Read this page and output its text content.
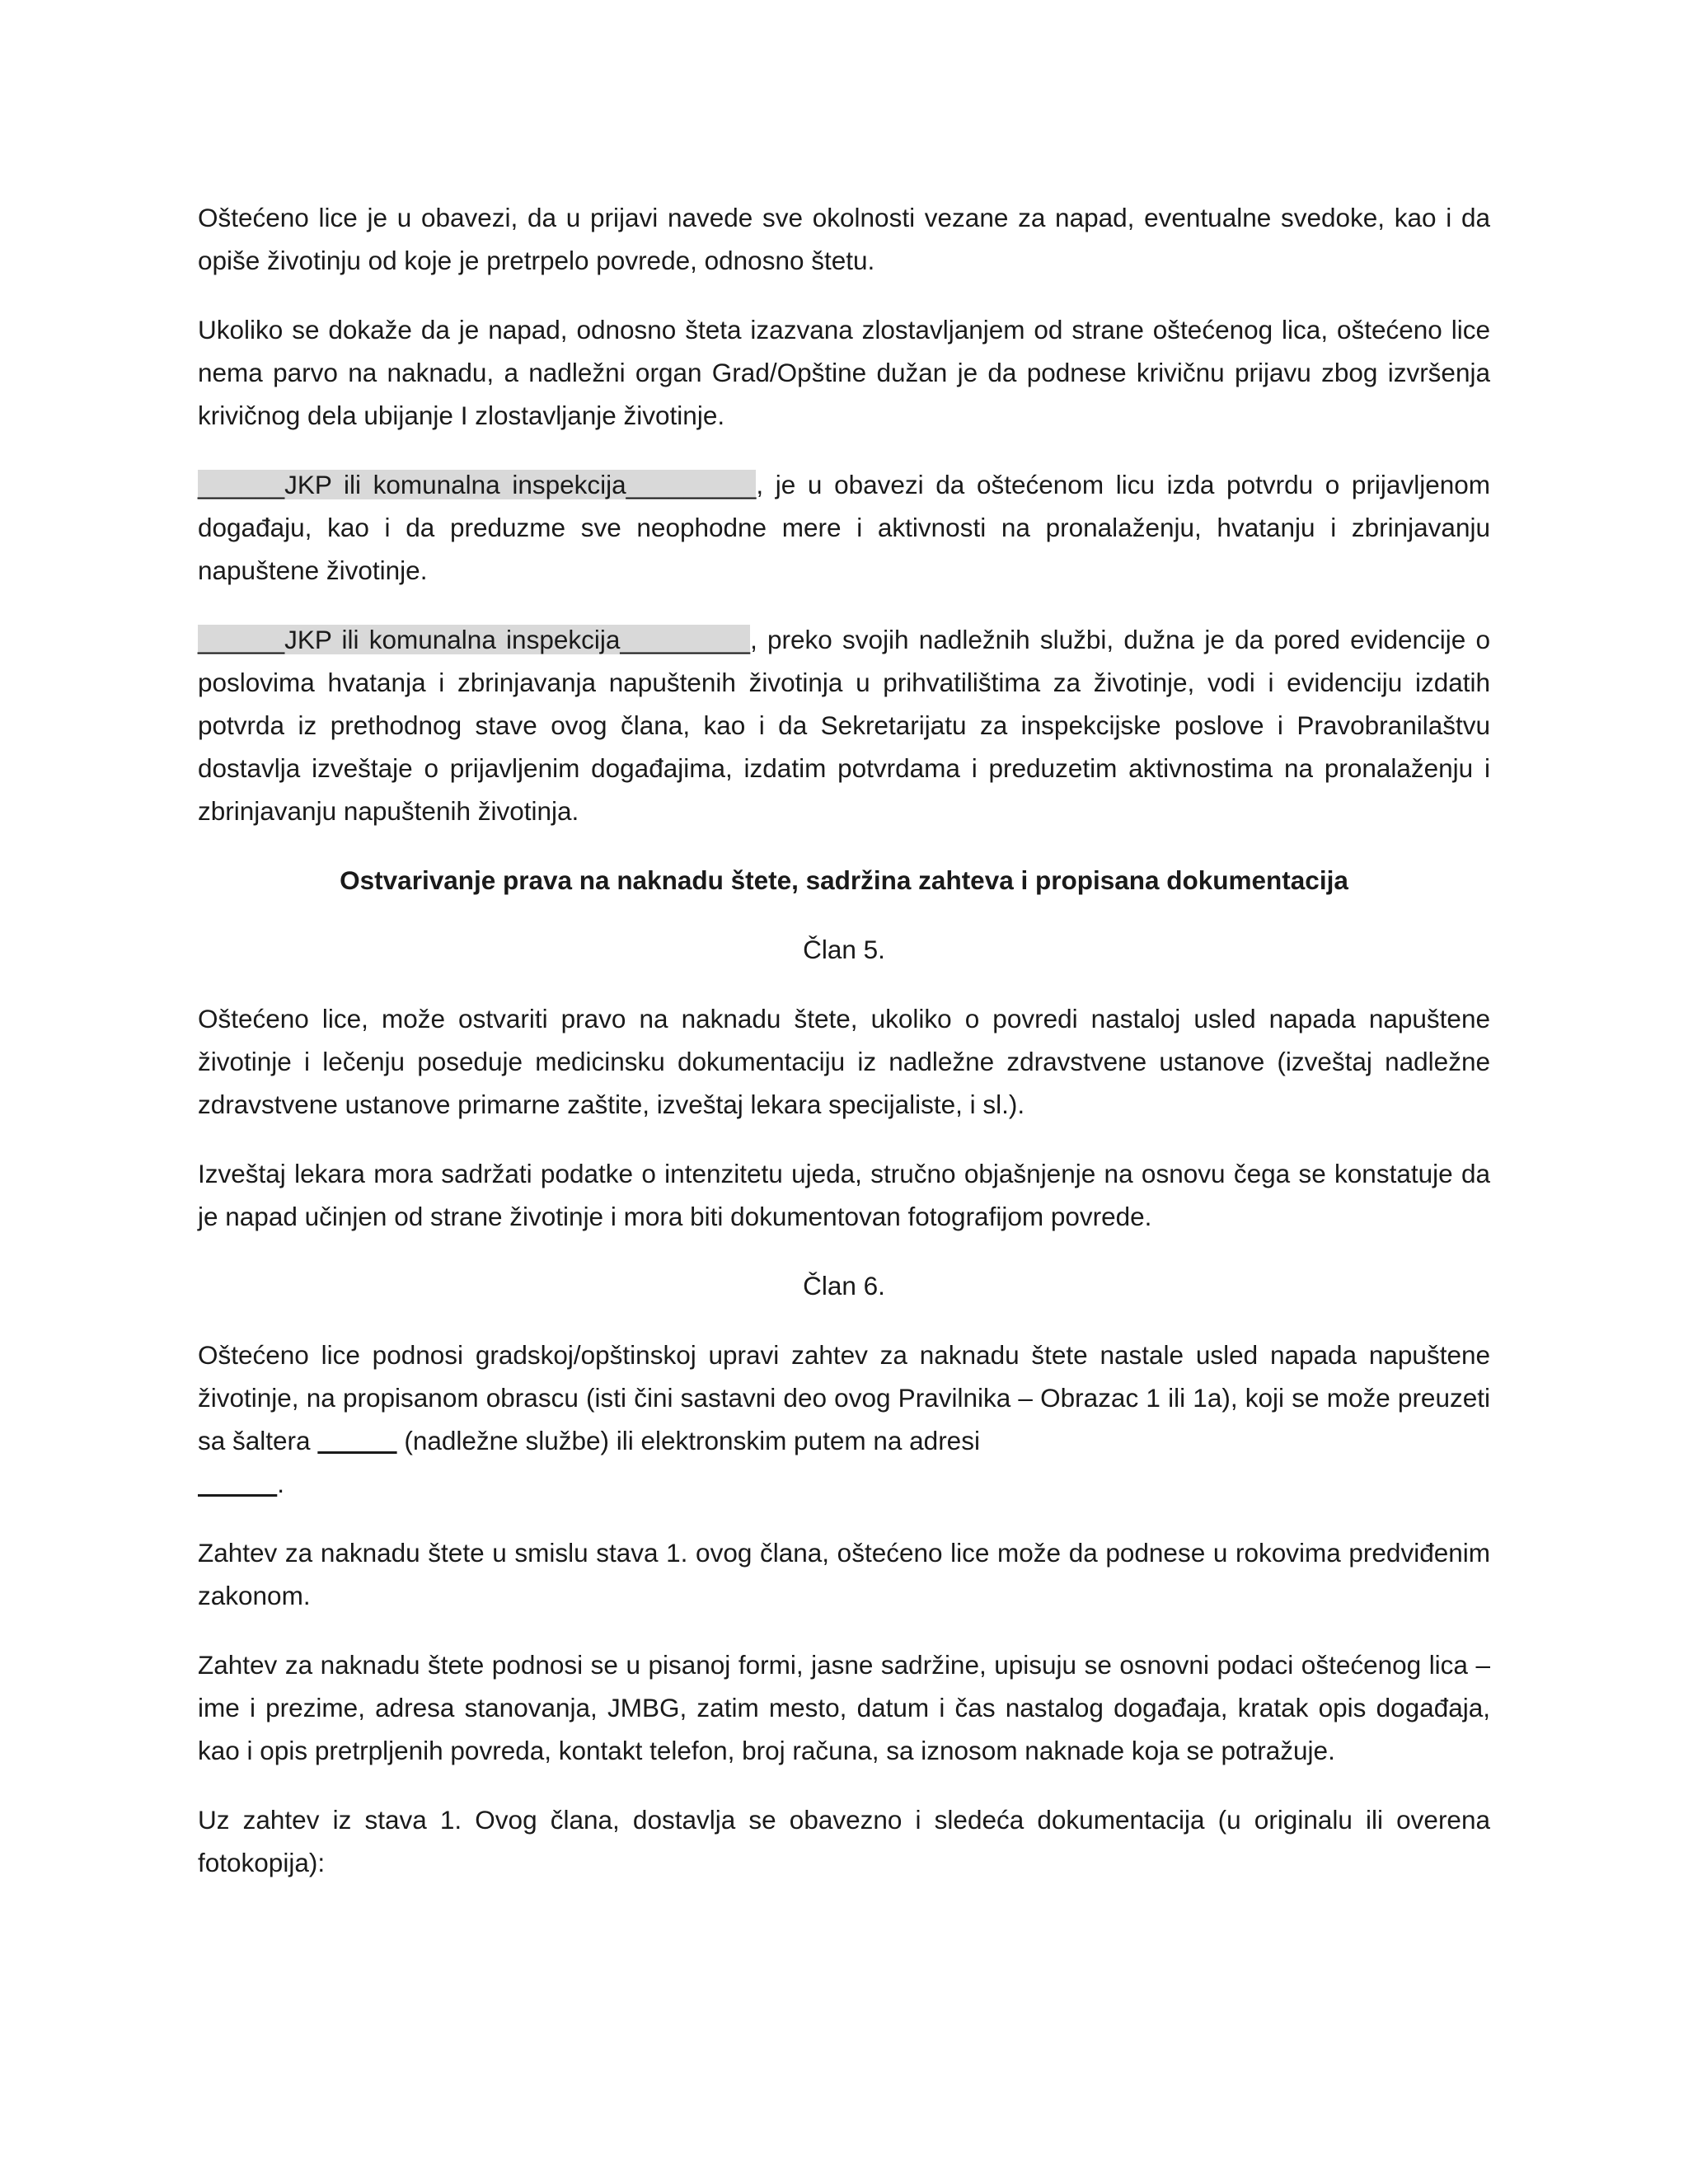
Oštećeno lice je u obavezi, da u prijavi navede sve okolnosti vezane za napad, eventualne svedoke, kao i da opiše životinju od koje je pretrpelo povrede, odnosno štetu.

Ukoliko se dokaže da je napad, odnosno šteta izazvana zlostavljanjem od strane oštećenog lica, oštećeno lice nema parvo na naknadu, a nadležni organ Grad/Opštine dužan je da podnese krivičnu prijavu zbog izvršenja krivičnog dela ubijanje I zlostavljanje životinje.

______JKP ili komunalna inspekcija_________, je u obavezi da oštećenom licu izda potvrdu o prijavljenom događaju, kao i da preduzme sve neophodne mere i aktivnosti na pronalaženju, hvatanju i zbrinjavanju napuštene životinje.

______JKP ili komunalna inspekcija_________, preko svojih nadležnih službi, dužna je da pored evidencije o poslovima hvatanja i zbrinjavanja napuštenih životinja u prihvatilištima za životinje, vodi i evidenciju izdatih potvrda iz prethodnog stave ovog člana, kao i da Sekretarijatu za inspekcijske poslove i Pravobranilaštvu dostavlja izveštaje o prijavljenim događajima, izdatim potvrdama i preduzetim aktivnostima na pronalaženju i zbrinjavanju napuštenih životinja.

Ostvarivanje prava na naknadu štete, sadržina zahteva i propisana dokumentacija

Član 5.

Oštećeno lice, može ostvariti pravo na naknadu štete, ukoliko o povredi nastaloj usled napada napuštene životinje i lečenju poseduje medicinsku dokumentaciju iz nadležne zdravstvene ustanove (izveštaj nadležne zdravstvene ustanove primarne zaštite, izveštaj lekara specijaliste, i sl.).

Izveštaj lekara mora sadržati podatke o intenzitetu ujeda, stručno objašnjenje na osnovu čega se konstatuje da je napad učinjen od strane životinje i mora biti dokumentovan fotografijom povrede.

Član 6.

Oštećeno lice podnosi gradskoj/opštinskoj upravi zahtev za naknadu štete nastale usled napada napuštene životinje, na propisanom obrascu (isti čini sastavni deo ovog Pravilnika – Obrazac 1 ili 1a), koji se može preuzeti sa šaltera	(nadležne službe) ili elektronskim putem na adresi
.

Zahtev za naknadu štete u smislu stava 1. ovog člana, oštećeno lice može da podnese u rokovima predviđenim zakonom.

Zahtev za naknadu štete podnosi se u pisanoj formi, jasne sadržine, upisuju se osnovni podaci oštećenog lica – ime i prezime, adresa stanovanja, JMBG, zatim mesto, datum i čas nastalog događaja, kratak opis događaja, kao i opis pretrpljenih povreda, kontakt telefon, broj računa, sa iznosom naknade koja se potražuje.

Uz zahtev iz stava 1. Ovog člana, dostavlja se obavezno i sledeća dokumentacija (u originalu ili overena fotokopija):
